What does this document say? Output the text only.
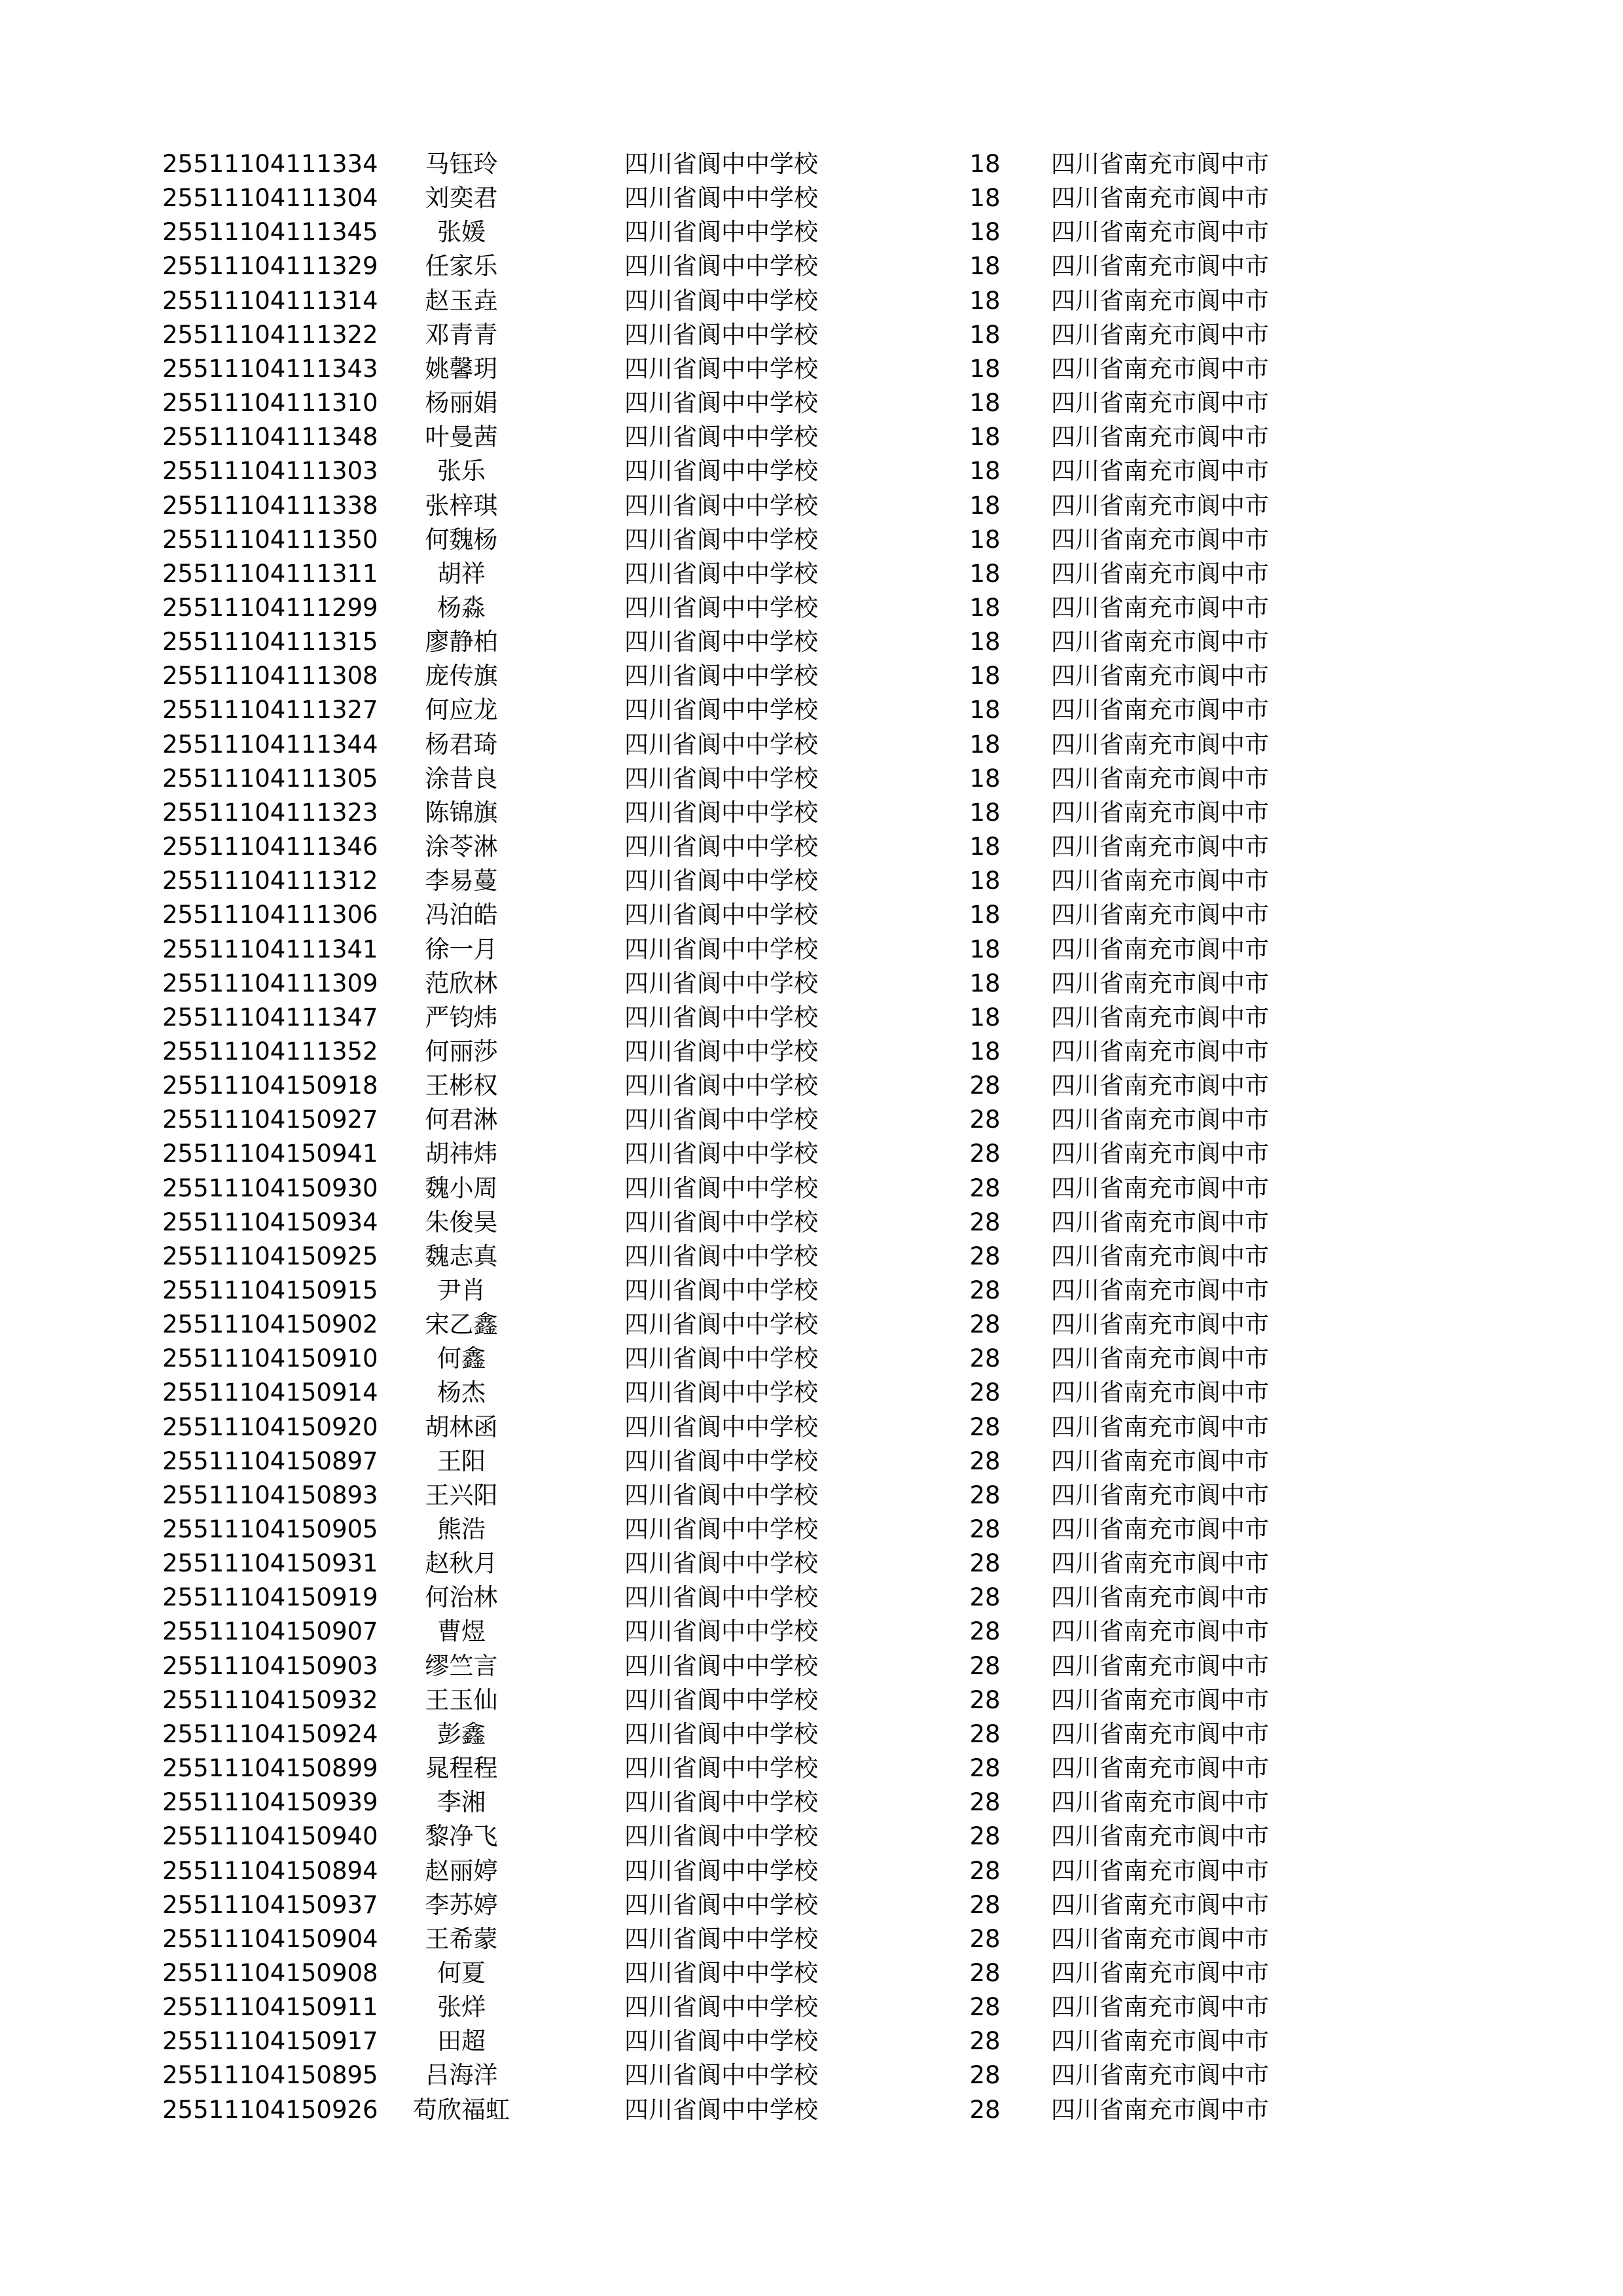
25511104111334	马钰玲	四川省阆中中学校	18	四川省南充市阆中市
25511104111304	刘奕君	四川省阆中中学校	18	四川省南充市阆中市
25511104111345	张媛	四川省阆中中学校	18	四川省南充市阆中市
25511104111329	任家乐	四川省阆中中学校	18	四川省南充市阆中市
25511104111314	赵玉垚	四川省阆中中学校	18	四川省南充市阆中市
25511104111322	邓青青	四川省阆中中学校	18	四川省南充市阆中市
25511104111343	姚馨玥	四川省阆中中学校	18	四川省南充市阆中市
25511104111310	杨丽娟	四川省阆中中学校	18	四川省南充市阆中市
25511104111348	叶曼茜	四川省阆中中学校	18	四川省南充市阆中市
25511104111303	张乐	四川省阆中中学校	18	四川省南充市阆中市
25511104111338	张梓琪	四川省阆中中学校	18	四川省南充市阆中市
25511104111350	何魏杨	四川省阆中中学校	18	四川省南充市阆中市
25511104111311	胡祥	四川省阆中中学校	18	四川省南充市阆中市
25511104111299	杨淼	四川省阆中中学校	18	四川省南充市阆中市
25511104111315	廖静柏	四川省阆中中学校	18	四川省南充市阆中市
25511104111308	庞传旗	四川省阆中中学校	18	四川省南充市阆中市
25511104111327	何应龙	四川省阆中中学校	18	四川省南充市阆中市
25511104111344	杨君琦	四川省阆中中学校	18	四川省南充市阆中市
25511104111305	涂昔良	四川省阆中中学校	18	四川省南充市阆中市
25511104111323	陈锦旗	四川省阆中中学校	18	四川省南充市阆中市
25511104111346	涂苓淋	四川省阆中中学校	18	四川省南充市阆中市
25511104111312	李易蔓	四川省阆中中学校	18	四川省南充市阆中市
25511104111306	冯泊皓	四川省阆中中学校	18	四川省南充市阆中市
25511104111341	徐一月	四川省阆中中学校	18	四川省南充市阆中市
25511104111309	范欣林	四川省阆中中学校	18	四川省南充市阆中市
25511104111347	严钧炜	四川省阆中中学校	18	四川省南充市阆中市
25511104111352	何丽莎	四川省阆中中学校	18	四川省南充市阆中市
25511104150918	王彬权	四川省阆中中学校	28	四川省南充市阆中市
25511104150927	何君淋	四川省阆中中学校	28	四川省南充市阆中市
25511104150941	胡祎炜	四川省阆中中学校	28	四川省南充市阆中市
25511104150930	魏小周	四川省阆中中学校	28	四川省南充市阆中市
25511104150934	朱俊昊	四川省阆中中学校	28	四川省南充市阆中市
25511104150925	魏志真	四川省阆中中学校	28	四川省南充市阆中市
25511104150915	尹肖	四川省阆中中学校	28	四川省南充市阆中市
25511104150902	宋乙鑫	四川省阆中中学校	28	四川省南充市阆中市
25511104150910	何鑫	四川省阆中中学校	28	四川省南充市阆中市
25511104150914	杨杰	四川省阆中中学校	28	四川省南充市阆中市
25511104150920	胡林函	四川省阆中中学校	28	四川省南充市阆中市
25511104150897	王阳	四川省阆中中学校	28	四川省南充市阆中市
25511104150893	王兴阳	四川省阆中中学校	28	四川省南充市阆中市
25511104150905	熊浩	四川省阆中中学校	28	四川省南充市阆中市
25511104150931	赵秋月	四川省阆中中学校	28	四川省南充市阆中市
25511104150919	何治林	四川省阆中中学校	28	四川省南充市阆中市
25511104150907	曹煜	四川省阆中中学校	28	四川省南充市阆中市
25511104150903	缪竺言	四川省阆中中学校	28	四川省南充市阆中市
25511104150932	王玉仙	四川省阆中中学校	28	四川省南充市阆中市
25511104150924	彭鑫	四川省阆中中学校	28	四川省南充市阆中市
25511104150899	晁程程	四川省阆中中学校	28	四川省南充市阆中市
25511104150939	李湘	四川省阆中中学校	28	四川省南充市阆中市
25511104150940	黎净飞	四川省阆中中学校	28	四川省南充市阆中市
25511104150894	赵丽婷	四川省阆中中学校	28	四川省南充市阆中市
25511104150937	李苏婷	四川省阆中中学校	28	四川省南充市阆中市
25511104150904	王希蒙	四川省阆中中学校	28	四川省南充市阆中市
25511104150908	何夏	四川省阆中中学校	28	四川省南充市阆中市
25511104150911	张烊	四川省阆中中学校	28	四川省南充市阆中市
25511104150917	田超	四川省阆中中学校	28	四川省南充市阆中市
25511104150895	吕海洋	四川省阆中中学校	28	四川省南充市阆中市
25511104150926	苟欣福虹	四川省阆中中学校	28	四川省南充市阆中市
